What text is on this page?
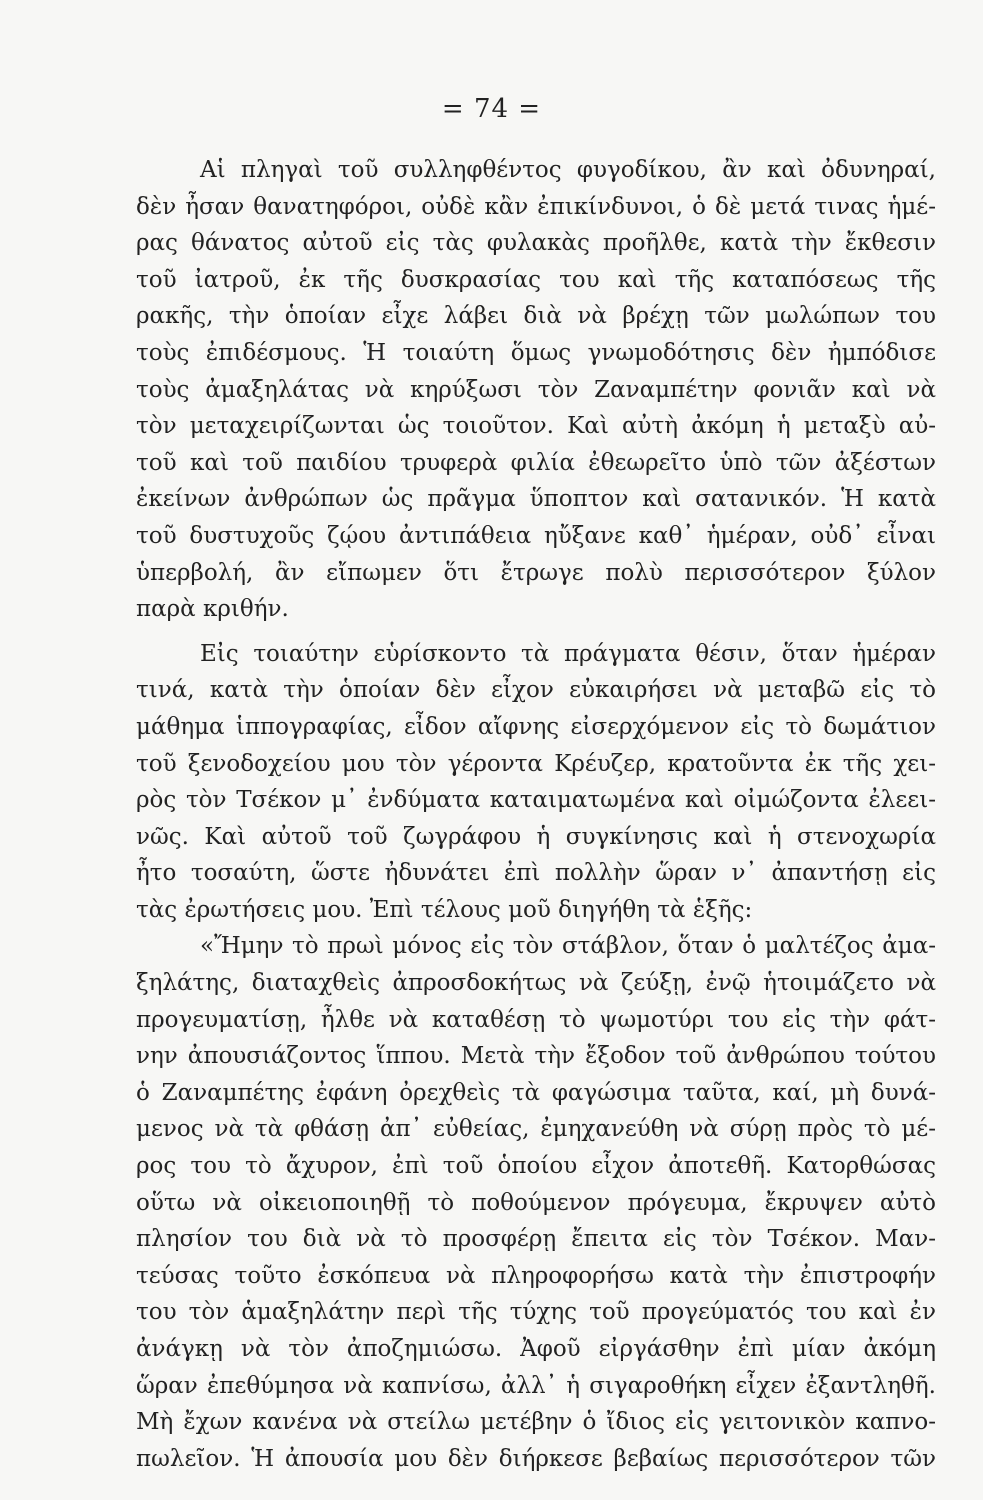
= 74 =
Αἱ πληγαὶ τοῦ συλληφθέντος φυγοδίκου, ἂν καὶ ὀδυνηραί,
δὲν ἦσαν θανατηφόροι, οὐδὲ κἂν ἐπικίνδυνοι, ὁ δὲ μετά τινας ἡμέ-
ρας θάνατος αὐτοῦ εἰς τὰς φυλακὰς προῆλθε, κατὰ τὴν ἔκθεσιν
τοῦ ἰατροῦ, ἐκ τῆς δυσκρασίας του καὶ τῆς καταπόσεως τῆς
ρακῆς, τὴν ὁποίαν εἶχε λάβει διὰ νὰ βρέχῃ τῶν μωλώπων του
τοὺς ἐπιδέσμους. Ἡ τοιαύτη ὅμως γνωμοδότησις δὲν ἠμπόδισε
τοὺς ἀμαξηλάτας νὰ κηρύξωσι τὸν Ζαναμπέτην φονιᾶν καὶ νὰ
τὸν μεταχειρίζωνται ὡς τοιοῦτον. Καὶ αὐτὴ ἀκόμη ἡ μεταξὺ αὐ-
τοῦ καὶ τοῦ παιδίου τρυφερὰ φιλία ἐθεωρεῖτο ὑπὸ τῶν ἀξέστων
ἐκείνων ἀνθρώπων ὡς πρᾶγμα ὕποπτον καὶ σατανικόν. Ἡ κατὰ
τοῦ δυστυχοῦς ζῴου ἀντιπάθεια ηὔξανε καθ᾽ ἡμέραν, οὐδ᾽ εἶναι
ὑπερβολή, ἂν εἴπωμεν ὅτι ἔτρωγε πολὺ περισσότερον ξύλον
παρὰ κριθήν.
Εἰς τοιαύτην εὑρίσκοντο τὰ πράγματα θέσιν, ὅταν ἡμέραν
τινά, κατὰ τὴν ὁποίαν δὲν εἶχον εὐκαιρήσει νὰ μεταβῶ εἰς τὸ
μάθημα ἱππογραφίας, εἶδον αἴφνης εἰσερχόμενον εἰς τὸ δωμάτιον
τοῦ ξενοδοχείου μου τὸν γέροντα Κρέυζερ, κρατοῦντα ἐκ τῆς χει-
ρὸς τὸν Τσέκον μ᾽ ἐνδύματα καταιματωμένα καὶ οἰμώζοντα ἐλεει-
νῶς. Καὶ αὐτοῦ τοῦ ζωγράφου ἡ συγκίνησις καὶ ἡ στενοχωρία
ἦτο τοσαύτη, ὥστε ἠδυνάτει ἐπὶ πολλὴν ὥραν ν᾽ ἀπαντήσῃ εἰς
τὰς ἐρωτήσεις μου. Ἐπὶ τέλους μοῦ διηγήθη τὰ ἑξῆς:
«Ἤμην τὸ πρωὶ μόνος εἰς τὸν στάβλον, ὅταν ὁ μαλτέζος ἀμα-
ξηλάτης, διαταχθεὶς ἀπροσδοκήτως νὰ ζεύξῃ, ἐνῷ ἡτοιμάζετο νὰ
προγευματίσῃ, ἦλθε νὰ καταθέσῃ τὸ ψωμοτύρι του εἰς τὴν φάτ-
νην ἀπουσιάζοντος ἵππου. Μετὰ τὴν ἔξοδον τοῦ ἀνθρώπου τούτου
ὁ Ζαναμπέτης ἐφάνη ὀρεχθεὶς τὰ φαγώσιμα ταῦτα, καί, μὴ δυνά-
μενος νὰ τὰ φθάσῃ ἀπ᾽ εὐθείας, ἐμηχανεύθη νὰ σύρῃ πρὸς τὸ μέ-
ρος του τὸ ἄχυρον, ἐπὶ τοῦ ὁποίου εἶχον ἀποτεθῆ. Κατορθώσας
οὕτω νὰ οἰκειοποιηθῇ τὸ ποθούμενον πρόγευμα, ἔκρυψεν αὐτὸ
πλησίον του διὰ νὰ τὸ προσφέρῃ ἔπειτα εἰς τὸν Τσέκον. Μαν-
τεύσας τοῦτο ἐσκόπευα νὰ πληροφορήσω κατὰ τὴν ἐπιστροφήν
του τὸν ἁμαξηλάτην περὶ τῆς τύχης τοῦ προγεύματός του καὶ ἐν
ἀνάγκῃ νὰ τὸν ἀποζημιώσω. Ἀφοῦ εἰργάσθην ἐπὶ μίαν ἀκόμη
ὥραν ἐπεθύμησα νὰ καπνίσω, ἀλλ᾽ ἡ σιγαροθήκη εἶχεν ἐξαντληθῆ.
Μὴ ἔχων κανένα νὰ στείλω μετέβην ὁ ἴδιος εἰς γειτονικὸν καπνο-
πωλεῖον. Ἡ ἀπουσία μου δὲν διήρκεσε βεβαίως περισσότερον τῶν
